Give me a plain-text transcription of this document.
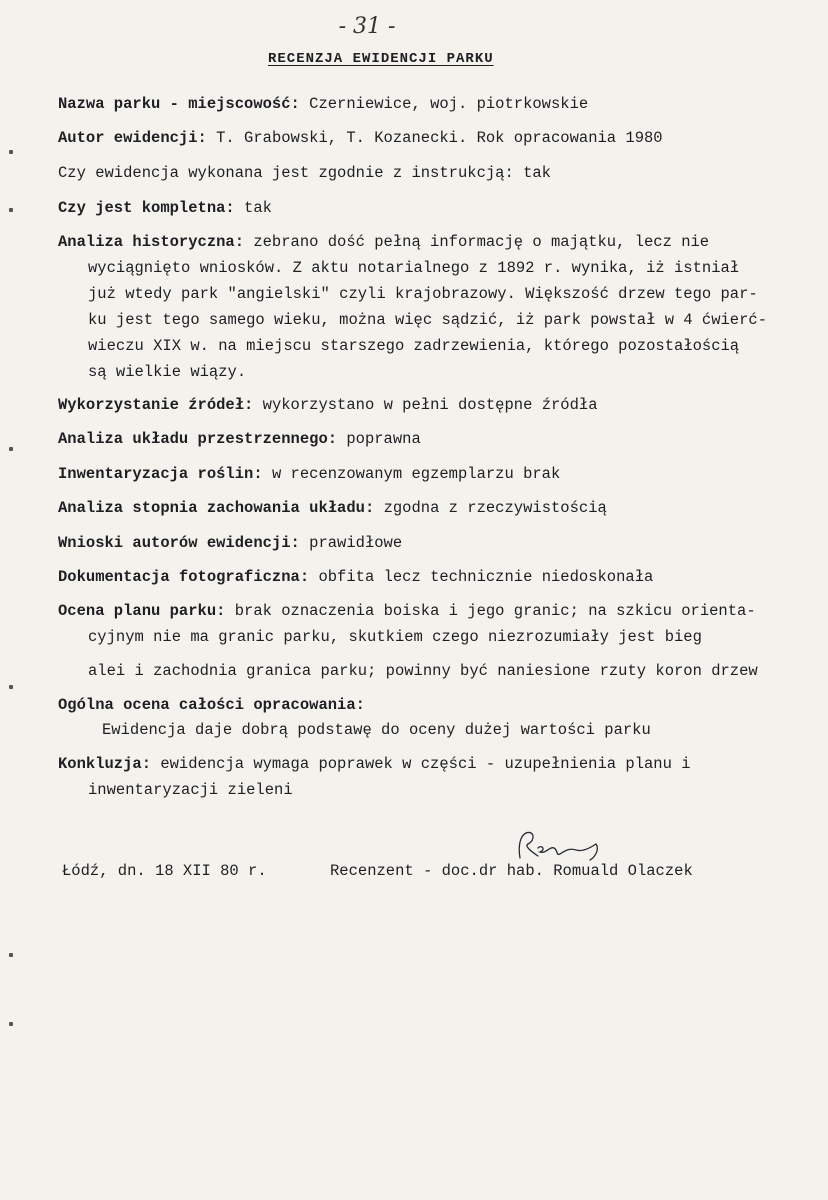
- 31 -
RECENZJA EWIDENCJI PARKU
Nazwa parku - miejscowość: Czerniewice, woj. piotrkowskie
Autor ewidencji: T. Grabowski, T. Kozanecki. Rok opracowania 1980
Czy ewidencja wykonana jest zgodnie z instrukcją: tak
Czy jest kompletna: tak
Analiza historyczna: zebrano dość pełną informację o majątku, lecz nie
wyciągnięto wniosków. Z aktu notarialnego z 1892 r. wynika, iż istniał
już wtedy park "angielski" czyli krajobrazowy. Większość drzew tego par-
ku jest tego samego wieku, można więc sądzić, iż park powstał w 4 ćwierć-
wieczu XIX w. na miejscu starszego zadrzewienia, którego pozostałością
są wielkie wiązy.
Wykorzystanie źródeł: wykorzystano w pełni dostępne źródła
Analiza układu przestrzennego: poprawna
Inwentaryzacja roślin: w recenzowanym egzemplarzu brak
Analiza stopnia zachowania układu: zgodna z rzeczywistością
Wnioski autorów ewidencji: prawidłowe
Dokumentacja fotograficzna: obfita lecz technicznie niedoskonała
Ocena planu parku: brak oznaczenia boiska i jego granic; na szkicu orienta-
cyjnym nie ma granic parku, skutkiem czego niezrozumiały jest bieg
alei i zachodnia granica parku; powinny być naniesione rzuty koron drzew
Ogólna ocena całości opracowania:
Ewidencja daje dobrą podstawę do oceny dużej wartości parku
Konkluzja: ewidencja wymaga poprawek w części - uzupełnienia planu i
inwentaryzacji zieleni
Łódź, dn. 18 XII 80 r.	Recenzent - doc.dr hab. Romuald Olaczek
